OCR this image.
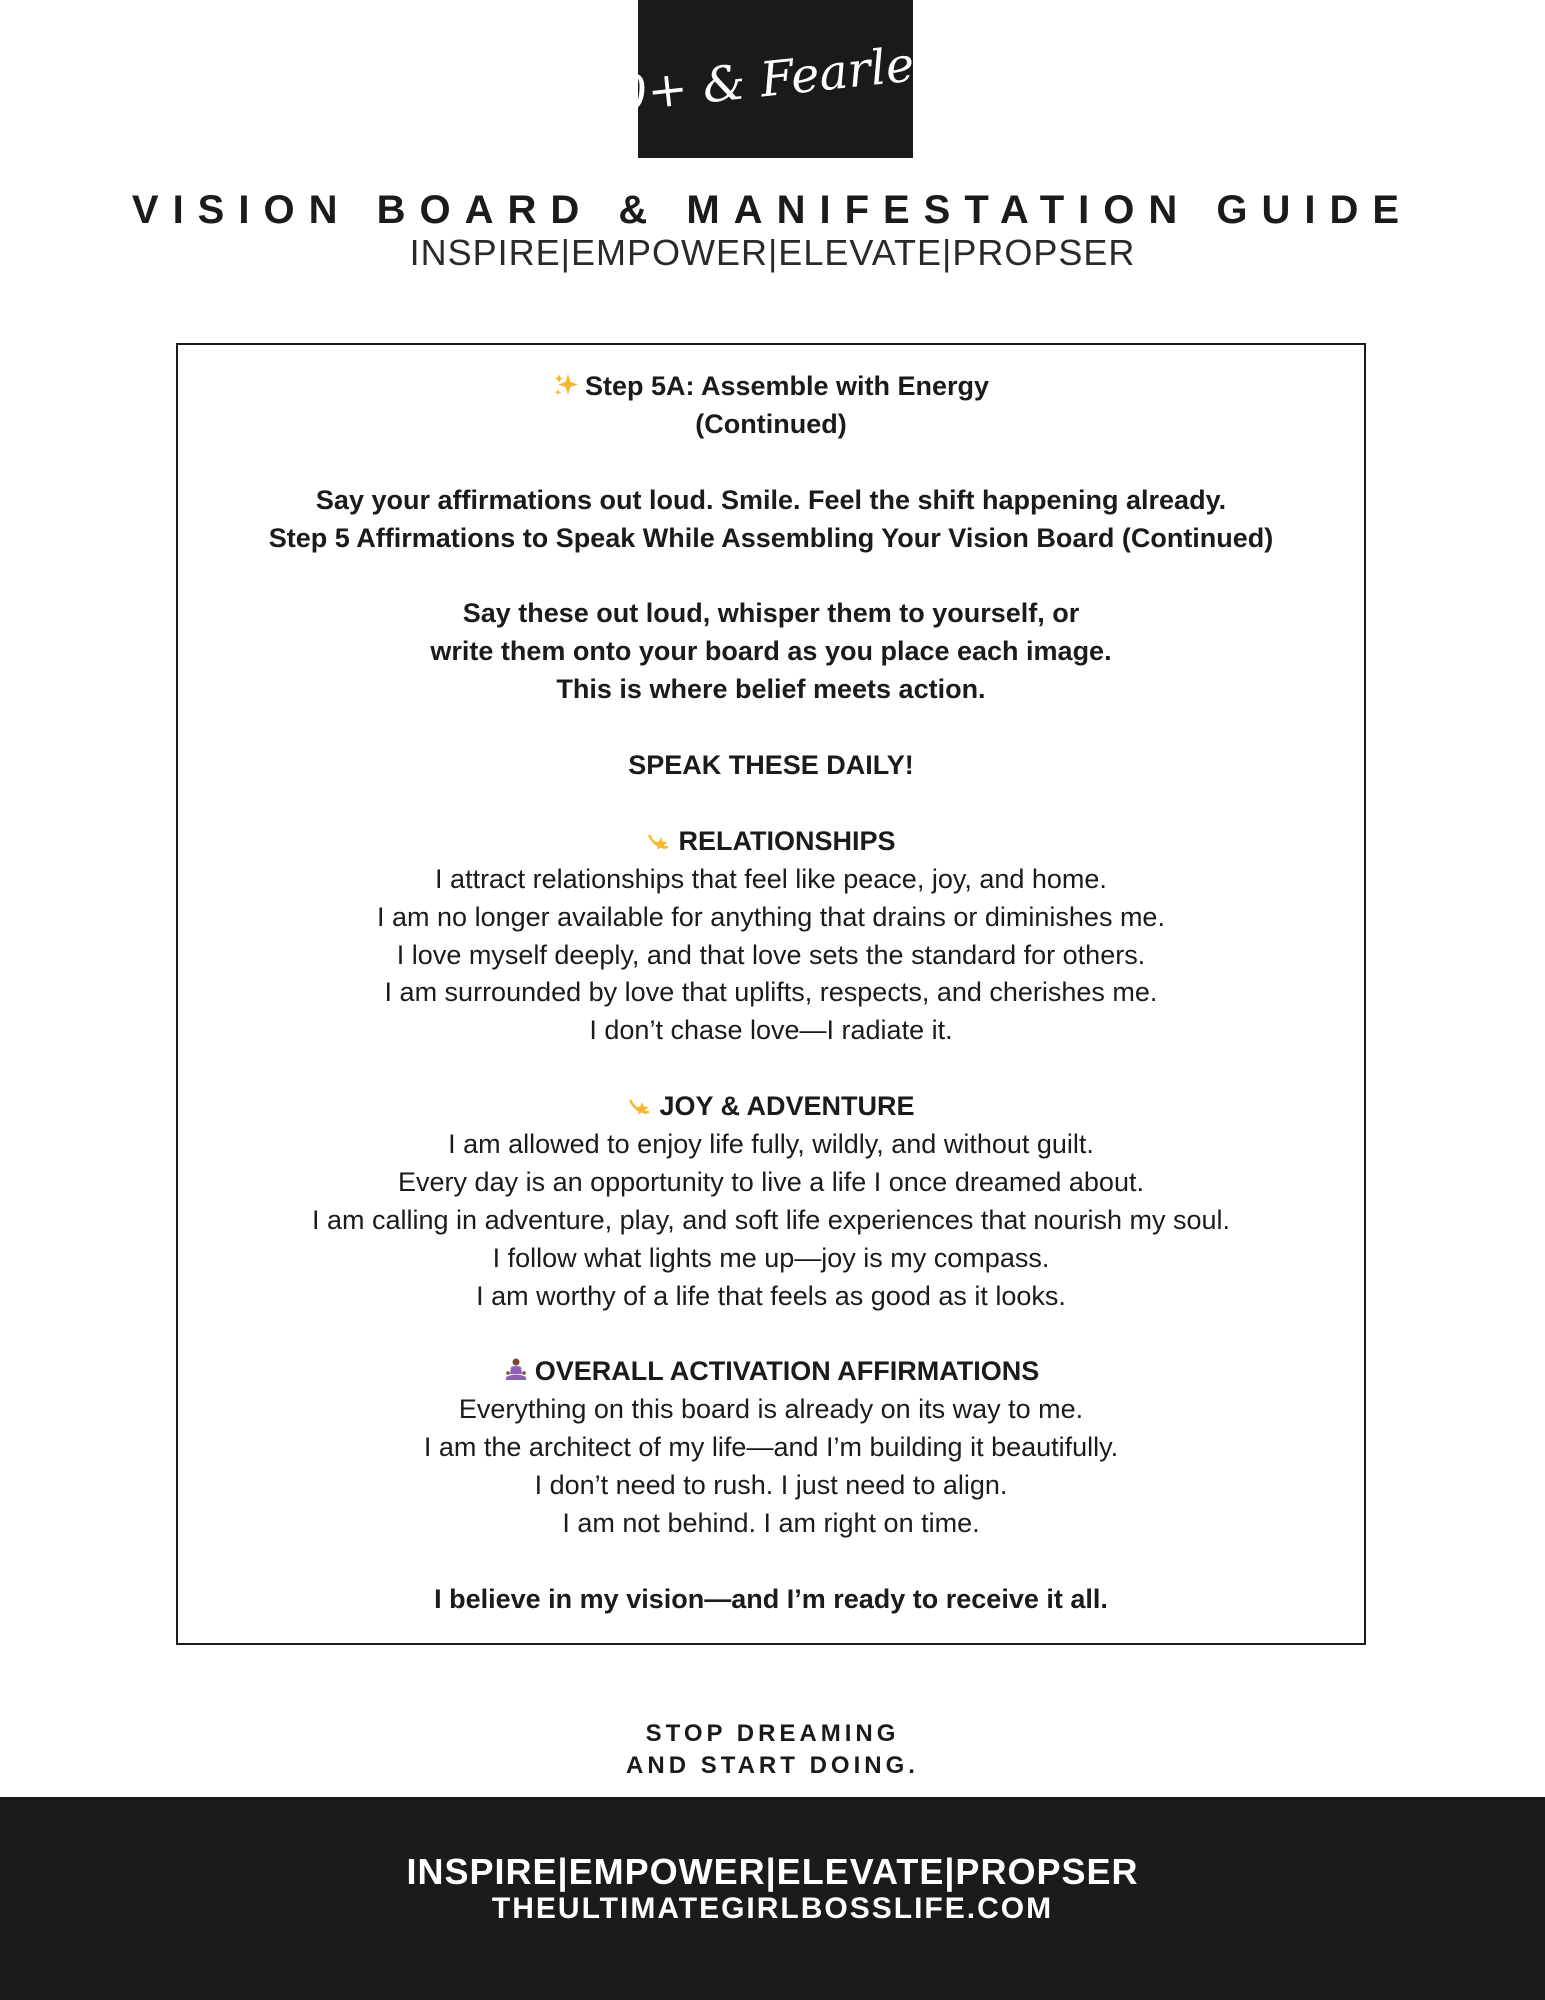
50+ & Fearless
VISION BOARD & MANIFESTATION GUIDE
INSPIRE|EMPOWER|ELEVATE|PROPSER
Step 5A: Assemble with Energy
(Continued)
Say your affirmations out loud. Smile. Feel the shift happening already.
Step 5 Affirmations to Speak While Assembling Your Vision Board (Continued)
Say these out loud, whisper them to yourself, or
write them onto your board as you place each image.
This is where belief meets action.
SPEAK THESE DAILY!
RELATIONSHIPS
I attract relationships that feel like peace, joy, and home.
I am no longer available for anything that drains or diminishes me.
I love myself deeply, and that love sets the standard for others.
I am surrounded by love that uplifts, respects, and cherishes me.
I don’t chase love—I radiate it.
JOY & ADVENTURE
I am allowed to enjoy life fully, wildly, and without guilt.
Every day is an opportunity to live a life I once dreamed about.
I am calling in adventure, play, and soft life experiences that nourish my soul.
I follow what lights me up—joy is my compass.
I am worthy of a life that feels as good as it looks.
OVERALL ACTIVATION AFFIRMATIONS
Everything on this board is already on its way to me.
I am the architect of my life—and I’m building it beautifully.
I don’t need to rush. I just need to align.
I am not behind. I am right on time.
I believe in my vision—and I’m ready to receive it all.
STOP DREAMING
AND START DOING.
INSPIRE|EMPOWER|ELEVATE|PROPSER
THEULTIMATEGIRLBOSSLIFE.COM
